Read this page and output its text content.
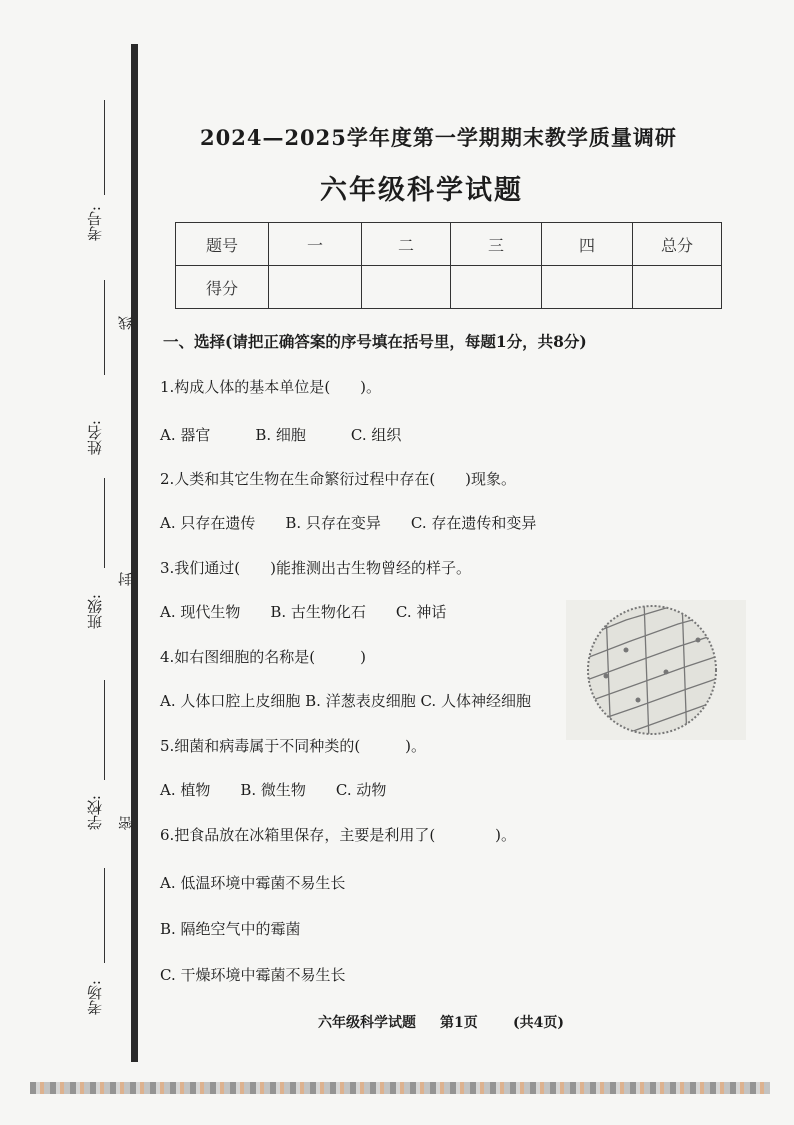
考号:
线
姓名:
封
班级:
学校: 密
考场:
2024—2025学年度第一学期期末教学质量调研
六年级科学试题
题号	一	二	三	四	总分
得分					
一、选择(请把正确答案的序号填在括号里，每题1分，共8分)
1.构成人体的基本单位是(　　)。
A. 器官　　　B. 细胞　　　C. 组织
2.人类和其它生物在生命繁衍过程中存在(　　)现象。
A. 只存在遗传　　B. 只存在变异　　C. 存在遗传和变异
3.我们通过(　　)能推测出古生物曾经的样子。
A. 现代生物　　B. 古生物化石　　C. 神话
4.如右图细胞的名称是(　　　)
A. 人体口腔上皮细胞 B. 洋葱表皮细胞 C. 人体神经细胞
5.细菌和病毒属于不同种类的(　　　)。
A. 植物　　B. 微生物　　C. 动物
6.把食品放在冰箱里保存，主要是利用了(　　　　)。
A. 低温环境中霉菌不易生长
B. 隔绝空气中的霉菌
C. 干燥环境中霉菌不易生长
六年级科学试题 第1页	(共4页)
